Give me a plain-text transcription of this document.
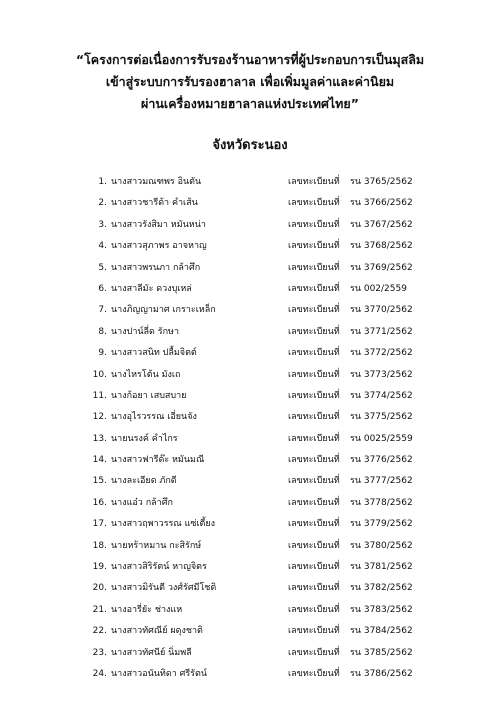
“โครงการต่อเนื่องการรับรองร้านอาหารที่ผู้ประกอบการเป็นมุสลิม
เข้าสู่ระบบการรับรองฮาลาล เพื่อเพิ่มมูลค่าและค่านิยม
ผ่านเครื่องหมายฮาลาลแห่งประเทศไทย”
จังหวัดระนอง
1. นางสาวมณฑพร อินตัน	เลขทะเบียนที่ รน 3765/2562
2. นางสาวชารีด้า คำเส้น	เลขทะเบียนที่ รน 3766/2562
3. นางสาวรังสิมา หมันหน่า	เลขทะเบียนที่ รน 3767/2562
4. นางสาวสุภาพร อาจหาญ	เลขทะเบียนที่ รน 3768/2562
5. นางสาวพรนภา กล้าศึก	เลขทะเบียนที่ รน 3769/2562
6. นางสาลีมัะ ดวงบุเหล่	เลขทะเบียนที่ รน 002/2559
7. นางภิญญามาศ เกราะเหล็ก	เลขทะเบียนที่ รน 3770/2562
8. นางปาน์ลี่ด รักษา	เลขทะเบียนที่ รน 3771/2562
9. นางสาวสนิท ปลื้มจิตต์	เลขทะเบียนที่ รน 3772/2562
10. นางไหรโต้น มังเถ	เลขทะเบียนที่ รน 3773/2562
11. นางก้อยา เสบสบาย	เลขทะเบียนที่ รน 3774/2562
12. นางอุไรวรรณ เอี่ยนจัง	เลขทะเบียนที่ รน 3775/2562
13. นายนรงค์ คำไกร	เลขทะเบียนที่ รน 0025/2559
14. นางสาวฟารีด๊ะ หมันมณี	เลขทะเบียนที่ รน 3776/2562
15. นางละเอียด ภักดี	เลขทะเบียนที่ รน 3777/2562
16. นางแอ๋ว กล้าศึก	เลขทะเบียนที่ รน 3778/2562
17. นางสาวฤพาวรรณ แซ่เตี้ยง	เลขทะเบียนที่ รน 3779/2562
18. นายหร้าหมาน กะสิรักษ์	เลขทะเบียนที่ รน 3780/2562
19. นางสาวสิริรัตน์ หาญจิตร	เลขทะเบียนที่ รน 3781/2562
20. นางสาวมิรันตี วงศ์รัศมีโชติ	เลขทะเบียนที่ รน 3782/2562
21. นางอารี่ยัะ ช่างแห	เลขทะเบียนที่ รน 3783/2562
22. นางสาวทัศณีย์ ผดุงชาติ	เลขทะเบียนที่ รน 3784/2562
23. นางสาวทัศนีย์ นิ่มพลี	เลขทะเบียนที่ รน 3785/2562
24. นางสาวอนันทิดา ศรีรัตน์	เลขทะเบียนที่ รน 3786/2562
